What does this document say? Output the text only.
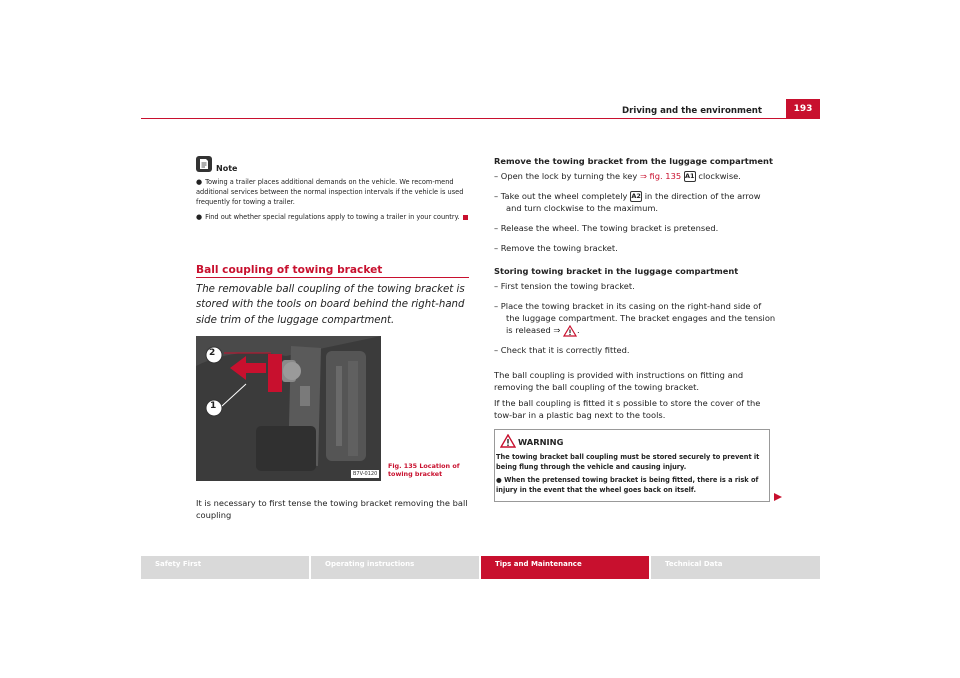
Driving and the environment	193
Note
● Towing a trailer places additional demands on the vehicle. We recom-mend additional services between the normal inspection intervals if the vehicle is used frequently for towing a trailer.
● Find out whether special regulations apply to towing a trailer in your country.
Ball coupling of towing bracket
The removable ball coupling of the towing bracket is stored with the tools on board behind the right-hand side trim of the luggage compartment.
2
1
B7V-0120
Fig. 135 Location of towing bracket
It is necessary to first tense the towing bracket removing the ball coupling
Remove the towing bracket from the luggage compartment
– Open the lock by turning the key ⇒ fig. 135 A1 clockwise.
– Take out the wheel completely A2 in the direction of the arrow
and turn clockwise to the maximum.
– Release the wheel. The towing bracket is pretensed.
– Remove the towing bracket.
Storing towing bracket in the luggage compartment
– First tension the towing bracket.
– Place the towing bracket in its casing on the right-hand side of
the luggage compartment. The bracket engages and the tension
is released ⇒ .
– Check that it is correctly fitted.
The ball coupling is provided with instructions on fitting and removing the ball coupling of the towing bracket.
If the ball coupling is fitted it s possible to store the cover of the tow-bar in a plastic bag next to the tools.
WARNING
The towing bracket ball coupling must be stored securely to prevent it being flung through the vehicle and causing injury.
● When the pretensed towing bracket is being fitted, there is a risk of injury in the event that the wheel goes back on itself.
Safety First	Operating instructions	Tips and Maintenance	Technical Data
